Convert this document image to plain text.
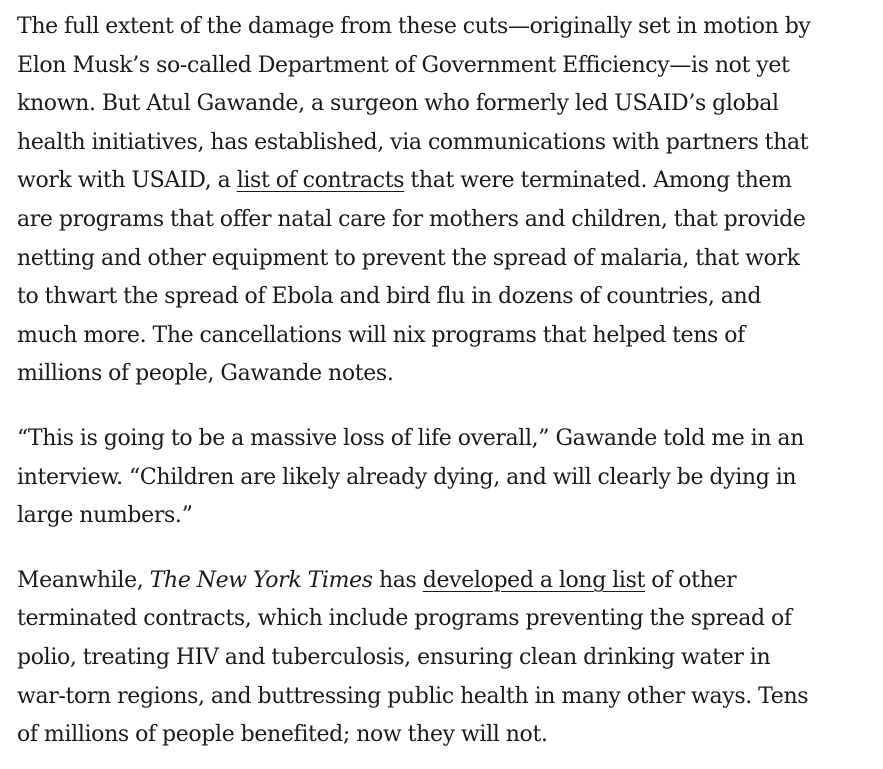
The full extent of the damage from these cuts—originally set in motion by
Elon Musk’s so-called Department of Government Efficiency—is not yet
known. But Atul Gawande, a surgeon who formerly led USAID’s global
health initiatives, has established, via communications with partners that
work with USAID, a list of contracts that were terminated. Among them
are programs that offer natal care for mothers and children, that provide
netting and other equipment to prevent the spread of malaria, that work
to thwart the spread of Ebola and bird flu in dozens of countries, and
much more. The cancellations will nix programs that helped tens of
millions of people, Gawande notes.

“This is going to be a massive loss of life overall,” Gawande told me in an
interview. “Children are likely already dying, and will clearly be dying in
large numbers.”

Meanwhile, The New York Times has developed a long list of other
terminated contracts, which include programs preventing the spread of
polio, treating HIV and tuberculosis, ensuring clean drinking water in
war-torn regions, and buttressing public health in many other ways. Tens
of millions of people benefited; now they will not.
